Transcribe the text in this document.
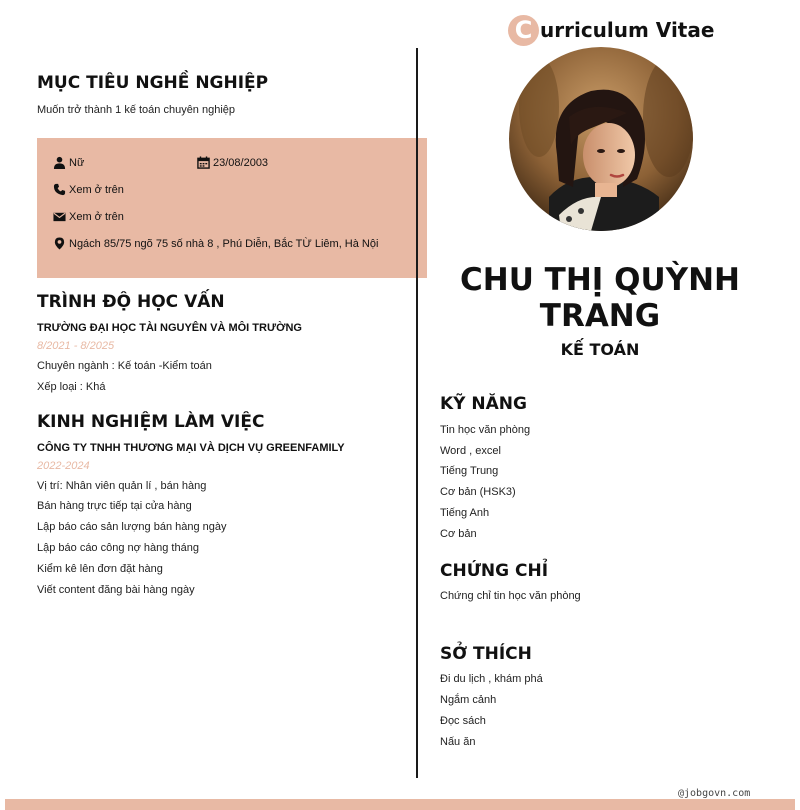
C urriculum Vitae
CHU THỊ QUỲNH
TRANG
KẾ TOÁN
MỤC TIÊU NGHỀ NGHIỆP
Muốn trở thành 1 kế toán chuyên nghiệp
Nữ	23/08/2003
Xem ở trên
Xem ở trên
Ngách 85/75 ngõ 75 số nhà 8 , Phú Diễn, Bắc TỪ Liêm, Hà Nội
TRÌNH ĐỘ HỌC VẤN
TRƯỜNG ĐẠI HỌC TÀI NGUYÊN VÀ MÔI TRƯỜNG
8/2021 - 8/2025
Chuyên ngành : Kế toán -Kiểm toán
Xếp loại : Khá
KINH NGHIỆM LÀM VIỆC
CÔNG TY TNHH THƯƠNG MẠI VÀ DỊCH VỤ GREENFAMILY
2022-2024
Vị trí: Nhân viên quản lí , bán hàng
Bán hàng trực tiếp tại cửa hàng
Lập báo cáo sản lượng bán hàng ngày
Lập báo cáo công nợ hàng tháng
Kiểm kê lên đơn đặt hàng
Viết content đăng bài hàng ngày
KỸ NĂNG
Tin học văn phòng
Word , excel
Tiếng Trung
Cơ bản (HSK3)
Tiếng Anh
Cơ bản
CHỨNG CHỈ
Chứng chỉ tin học văn phòng
SỞ THÍCH
Đi du lịch , khám phá
Ngắm cảnh
Đọc sách
Nấu ăn
@jobgovn.com
